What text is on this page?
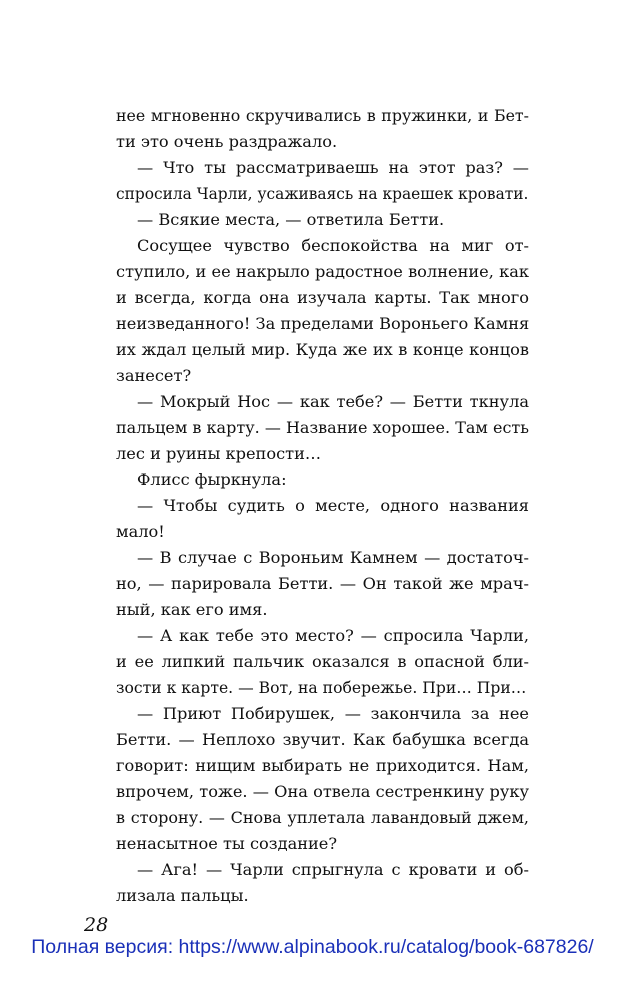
нее мгновенно скручивались в пружинки, и Бет-
ти это очень раздражало.
— Что ты рассматриваешь на этот раз? —
спросила Чарли, усаживаясь на краешек кровати.
— Всякие места, — ответила Бетти.
Сосущее чувство беспокойства на миг от-
ступило, и ее накрыло радостное волнение, как
и всегда, когда она изучала карты. Так много
неизведанного! За пределами Вороньего Камня
их ждал целый мир. Куда же их в конце концов
занесет?
— Мокрый Нос — как тебе? — Бетти ткнула
пальцем в карту. — Название хорошее. Там есть
лес и руины крепости…
Флисс фыркнула:
— Чтобы судить о месте, одного названия
мало!
— В случае с Вороньим Камнем — достаточ-
но, — парировала Бетти. — Он такой же мрач-
ный, как его имя.
— А как тебе это место? — спросила Чарли,
и ее липкий пальчик оказался в опасной бли-
зости к карте. — Вот, на побережье. При… При…
— Приют Побирушек, — закончила за нее
Бетти. — Неплохо звучит. Как бабушка всегда
говорит: нищим выбирать не приходится. Нам,
впрочем, тоже. — Она отвела сестренкину руку
в сторону. — Снова уплетала лавандовый джем,
ненасытное ты создание?
— Ага! — Чарли спрыгнула с кровати и об-
лизала пальцы.
28
Полная версия: https://www.alpinabook.ru/catalog/book-687826/
